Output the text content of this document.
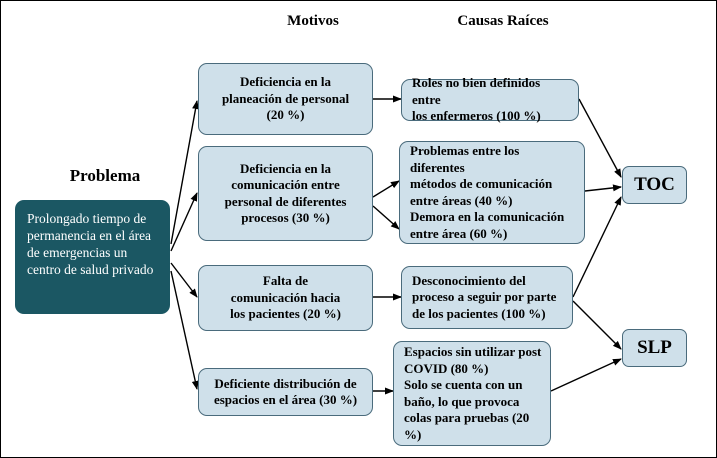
Motivos	Causas Raíces
Problema
Prolongado tiempo de permanencia en el área de emergencias un centro de salud privado
Deficiencia en la
planeación de personal
(20 %)
Deficiencia en la
comunicación entre
personal de diferentes
procesos (30 %)
Falta de
comunicación hacia
los pacientes (20 %)
Deficiente distribución de
espacios en el área (30 %)
Roles no bien definidos entre
los enfermeros (100 %)
Problemas entre los diferentes
métodos de comunicación
entre áreas (40 %)
Demora en la comunicación
entre área (60 %)
Desconocimiento del
proceso a seguir por parte
de los pacientes (100 %)
Espacios sin utilizar post
COVID (80 %)
Solo se cuenta con un
baño, lo que provoca
colas para pruebas (20 %)
TOC
SLP
